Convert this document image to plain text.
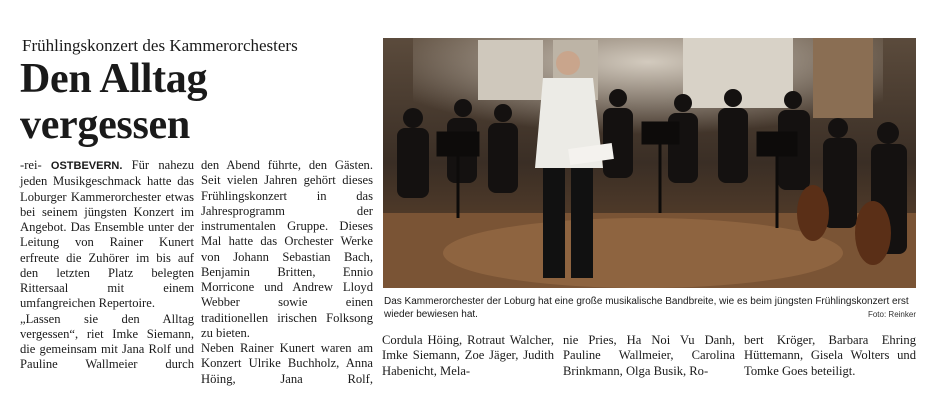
Frühlingskonzert des Kammerorchesters
Den Alltag
vergessen

-rei- OSTBEVERN. Für nahezu jeden Musikgeschmack hatte das Loburger Kammerorchester etwas bei seinem jüngsten Konzert im Angebot. Das Ensemble unter der Leitung von Rainer Kunert erfreute die Zuhörer im bis auf den letzten Platz belegten Rittersaal mit einem umfangreichen Repertoire.

„Lassen sie den Alltag vergessen“, riet Imke Siemann, die gemeinsam mit Jana Rolf und Pauline Wallmeier durch

den Abend führte, den Gästen. Seit vielen Jahren gehört dieses Frühlingskonzert in das Jahresprogramm der instrumentalen Gruppe. Dieses Mal hatte das Orchester Werke von Johann Sebastian Bach, Benjamin Britten, Ennio Morricone und Andrew Lloyd Webber sowie einen traditionellen irischen Folksong zu bieten.

Neben Rainer Kunert waren am Konzert Ulrike Buchholz, Anna Höing, Jana Rolf,

Das Kammerorchester der Loburg hat eine große musikalische Bandbreite, wie es beim jüngsten Frühlingskonzert erst wieder bewiesen hat.	Foto: Reinker
Cordula Höing, Rotraut Walcher, Imke Siemann, Zoe Jäger, Judith Habenicht, Mela-
nie Pries, Ha Noi Vu Danh, Pauline Wallmeier, Carolina Brinkmann, Olga Busik, Ro-
bert Kröger, Barbara Ehring Hüttemann, Gisela Wolters und Tomke Goes beteiligt.
